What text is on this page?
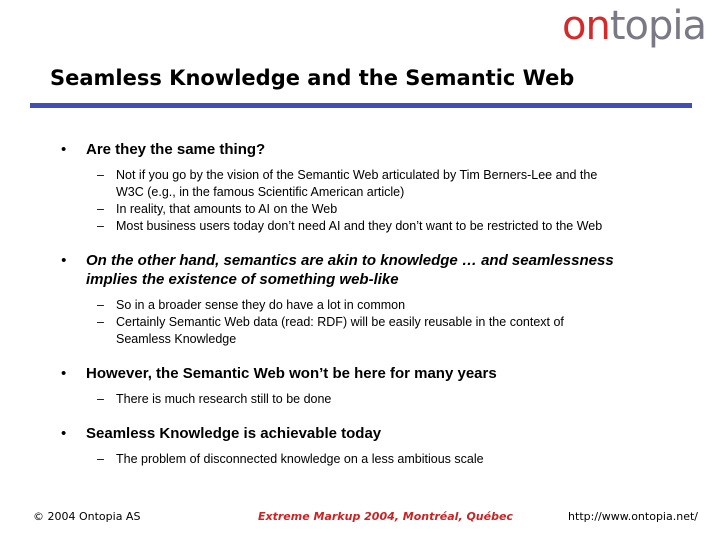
ontopia
Seamless Knowledge and the Semantic Web
• Are they the same thing?
– Not if you go by the vision of the Semantic Web articulated by Tim Berners-Lee and the W3C (e.g., in the famous Scientific American article)
– In reality, that amounts to AI on the Web
– Most business users today don’t need AI and they don’t want to be restricted to the Web
• On the other hand, semantics are akin to knowledge … and seamlessness implies the existence of something web-like
– So in a broader sense they do have a lot in common
– Certainly Semantic Web data (read: RDF) will be easily reusable in the context of Seamless Knowledge
• However, the Semantic Web won’t be here for many years
– There is much research still to be done
• Seamless Knowledge is achievable today
– The problem of disconnected knowledge on a less ambitious scale
© 2004 Ontopia AS	Extreme Markup 2004, Montréal, Québec	http://www.ontopia.net/
